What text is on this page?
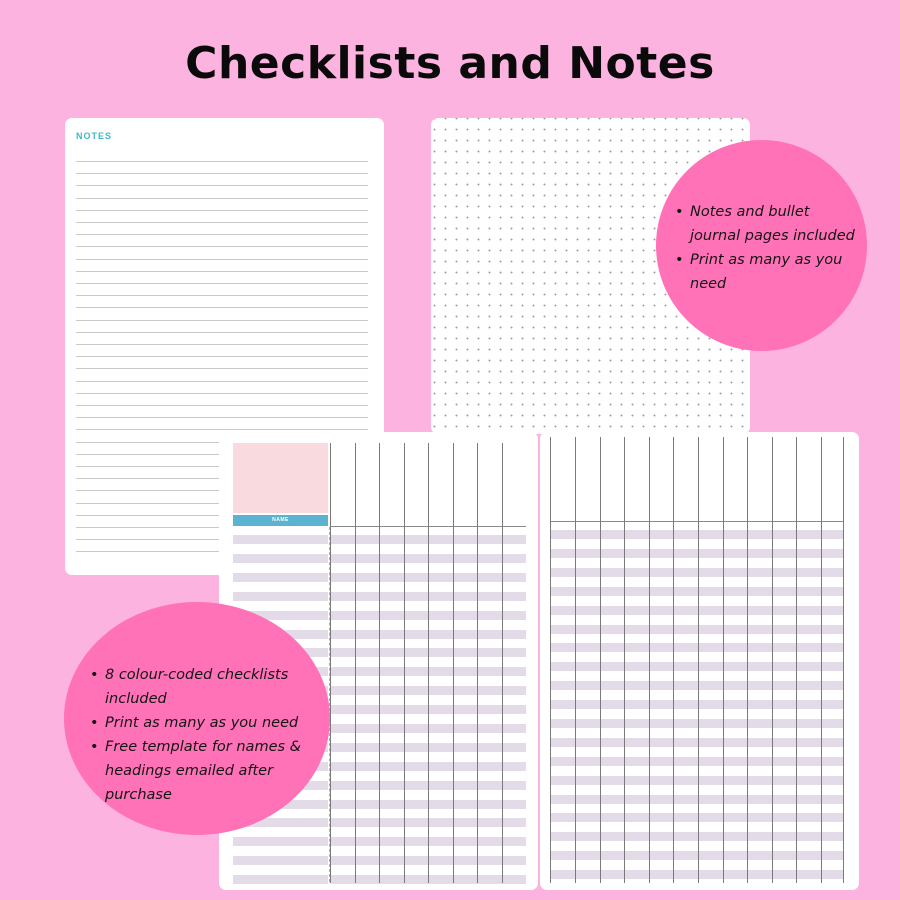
Checklists and Notes
NOTES
NAME
• Notes and bullet journal pages included
• Print as many as you need
• 8 colour-coded checklists included
• Print as many as you need
• Free template for names & headings emailed after purchase
